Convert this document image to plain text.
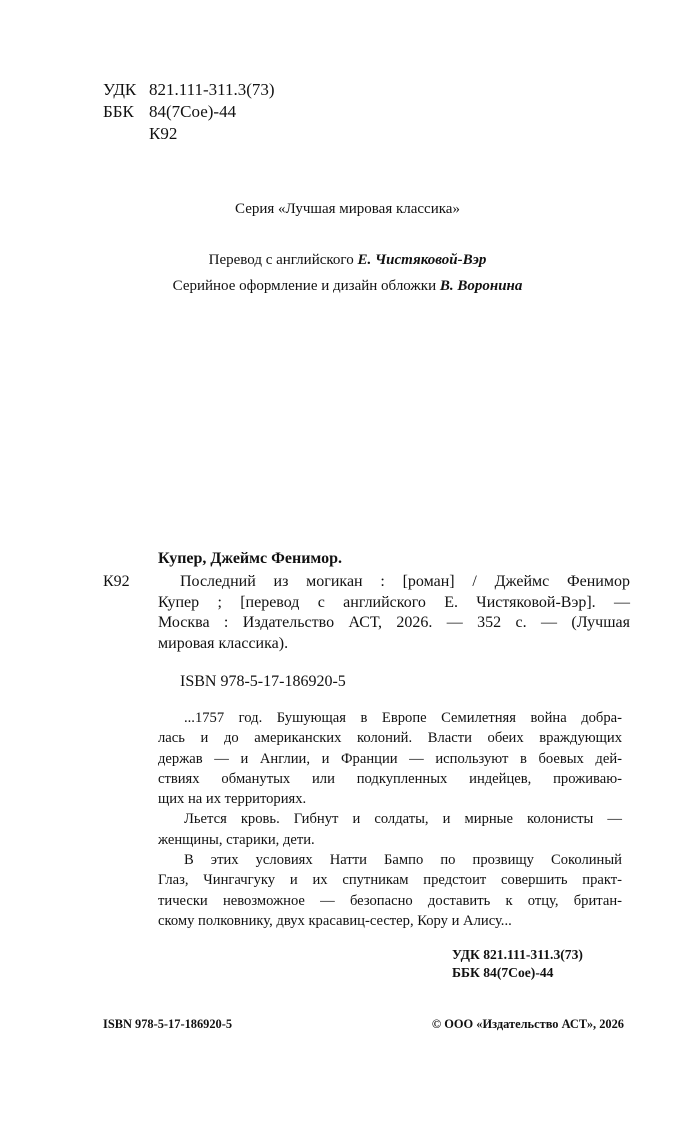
УДК 821.111-311.3(73)
ББК 84(7Сое)-44
К92
Серия «Лучшая мировая классика»
Перевод с английского Е. Чистяковой-Вэр
Серийное оформление и дизайн обложки В. Воронина
Купер, Джеймс Фенимор.
К92	Последний из могикан : [роман] / Джеймс Фенимор
Купер ; [перевод с английского Е. Чистяковой-Вэр]. —
Москва : Издательство АСТ, 2026. — 352 с. — (Лучшая
мировая классика).
ISBN 978-5-17-186920-5
...1757 год. Бушующая в Европе Семилетняя война добра-
лась и до американских колоний. Власти обеих враждующих
держав — и Англии, и Франции — используют в боевых дей-
ствиях обманутых или подкупленных индейцев, проживаю-
щих на их территориях.
Льется кровь. Гибнут и солдаты, и мирные колонисты —
женщины, старики, дети.
В этих условиях Натти Бампо по прозвищу Соколиный
Глаз, Чингачгуку и их спутникам предстоит совершить практ-
тически невозможное — безопасно доставить к отцу, британ-
скому полковнику, двух красавиц-сестер, Кору и Алису...
УДК 821.111-311.3(73)
ББК 84(7Сое)-44
ISBN 978-5-17-186920-5	© ООО «Издательство АСТ», 2026
